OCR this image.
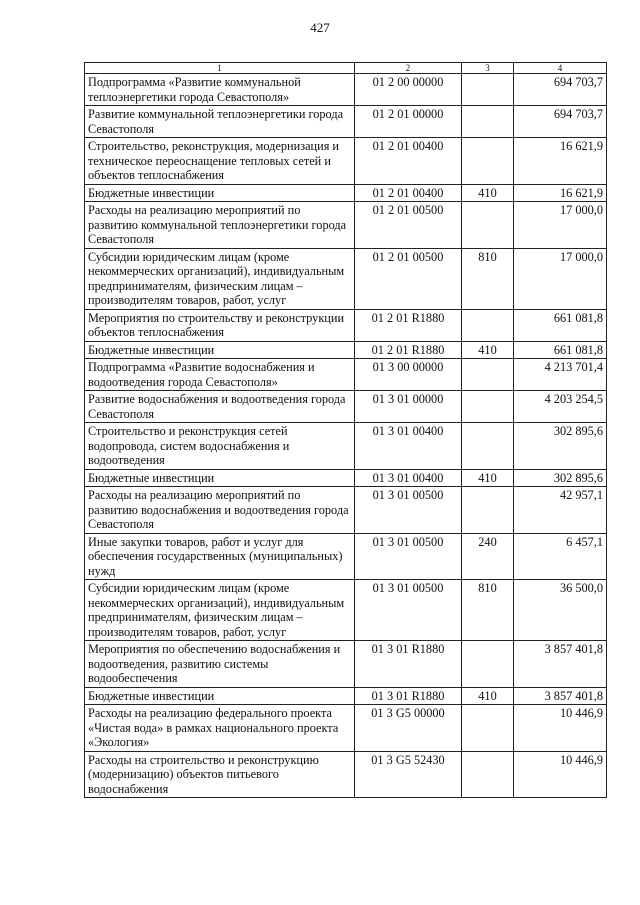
427
1	2	3	4
Подпрограмма «Развитие коммунальной теплоэнергетики города Севастополя»	01 2 00 00000		694 703,7
Развитие коммунальной теплоэнергетики города Севастополя	01 2 01 00000		694 703,7
Строительство, реконструкция, модернизация и техническое переоснащение тепловых сетей и объектов теплоснабжения	01 2 01 00400		16 621,9
Бюджетные инвестиции	01 2 01 00400	410	16 621,9
Расходы на реализацию мероприятий по развитию коммунальной теплоэнергетики города Севастополя	01 2 01 00500		17 000,0
Субсидии юридическим лицам (кроме некоммерческих организаций), индивидуальным предпринимателям, физическим лицам – производителям товаров, работ, услуг	01 2 01 00500	810	17 000,0
Мероприятия по строительству и реконструкции объектов теплоснабжения	01 2 01 R1880		661 081,8
Бюджетные инвестиции	01 2 01 R1880	410	661 081,8
Подпрограмма «Развитие водоснабжения и водоотведения города Севастополя»	01 3 00 00000		4 213 701,4
Развитие водоснабжения и водоотведения города Севастополя	01 3 01 00000		4 203 254,5
Строительство и реконструкция сетей водопровода, систем водоснабжения и водоотведения	01 3 01 00400		302 895,6
Бюджетные инвестиции	01 3 01 00400	410	302 895,6
Расходы на реализацию мероприятий по развитию водоснабжения и водоотведения города Севастополя	01 3 01 00500		42 957,1
Иные закупки товаров, работ и услуг для обеспечения государственных (муниципальных) нужд	01 3 01 00500	240	6 457,1
Субсидии юридическим лицам (кроме некоммерческих организаций), индивидуальным предпринимателям, физическим лицам – производителям товаров, работ, услуг	01 3 01 00500	810	36 500,0
Мероприятия по обеспечению водоснабжения и водоотведения, развитию системы водообеспечения	01 3 01 R1880		3 857 401,8
Бюджетные инвестиции	01 3 01 R1880	410	3 857 401,8
Расходы на реализацию федерального проекта «Чистая вода» в рамках национального проекта «Экология»	01 3 G5 00000		10 446,9
Расходы на строительство и реконструкцию (модернизацию) объектов питьевого водоснабжения	01 3 G5 52430		10 446,9
